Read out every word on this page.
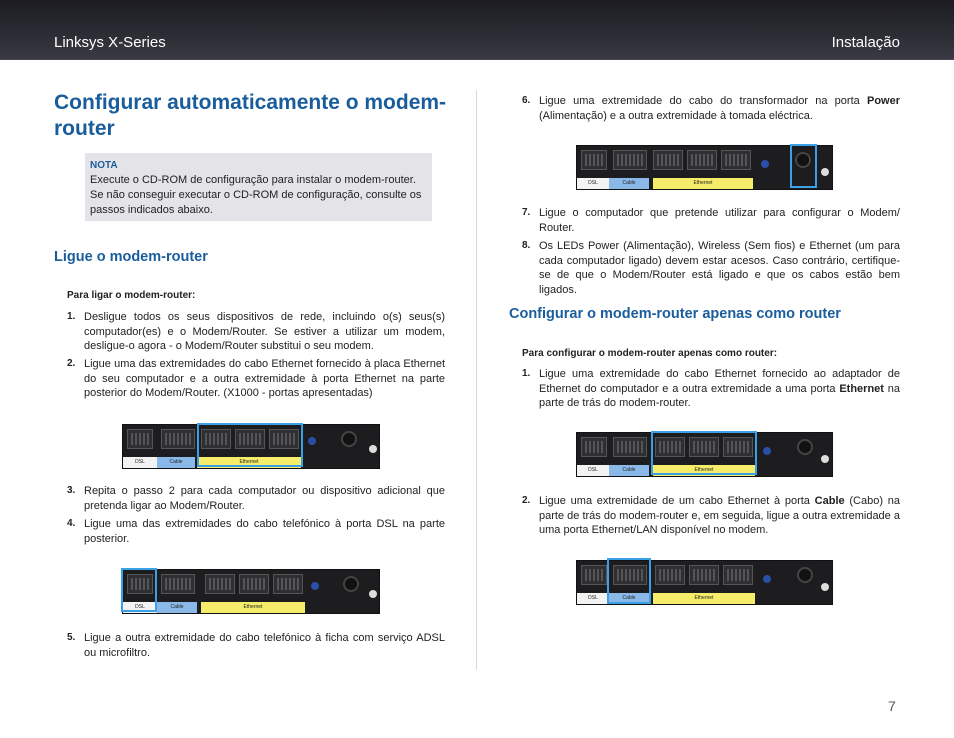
Linksys X-Series	Instalação
Configurar automaticamente o modem-router
NOTA
Execute o CD-ROM de configuração para instalar o modem-router. Se não conseguir executar o CD-ROM de configuração, consulte os passos indicados abaixo.
Ligue o modem-router
Para ligar o modem-router:
1. Desligue todos os seus dispositivos de rede, incluindo o(s) seus(s) computador(es) e o Modem/Router. Se estiver a utilizar um modem, desligue-o agora - o Modem/Router substitui o seu modem.
2. Ligue uma das extremidades do cabo Ethernet fornecido à placa Ethernet do seu computador e a outra extremidade à porta Ethernet na parte posterior do Modem/Router. (X1000 - portas apresentadas)
DSL	Cable	Ethernet
3. Repita o passo 2 para cada computador ou dispositivo adicional que pretenda ligar ao Modem/Router.
4. Ligue uma das extremidades do cabo telefónico à porta DSL na parte posterior.
DSL	Cable	Ethernet
5. Ligue a outra extremidade do cabo telefónico à ficha com serviço ADSL ou microfiltro.
6. Ligue uma extremidade do cabo do transformador na porta Power (Alimentação) e a outra extremidade à tomada eléctrica.
DSL	Cable	Ethernet
7. Ligue o computador que pretende utilizar para configurar o Modem/ Router.
8. Os LEDs Power (Alimentação), Wireless (Sem fios) e Ethernet (um para cada computador ligado) devem estar acesos. Caso contrário, certifique-se de que o Modem/Router está ligado e que os cabos estão bem ligados.
Configurar o modem-router apenas como router
Para configurar o modem-router apenas como router:
1. Ligue uma extremidade do cabo Ethernet fornecido ao adaptador de Ethernet do computador e a outra extremidade a uma porta Ethernet na parte de trás do modem-router.
DSL	Cable	Ethernet
2. Ligue uma extremidade de um cabo Ethernet à porta Cable (Cabo) na parte de trás do modem-router e, em seguida, ligue a outra extremidade a uma porta Ethernet/LAN disponível no modem.
DSL	Cable	Ethernet
7
